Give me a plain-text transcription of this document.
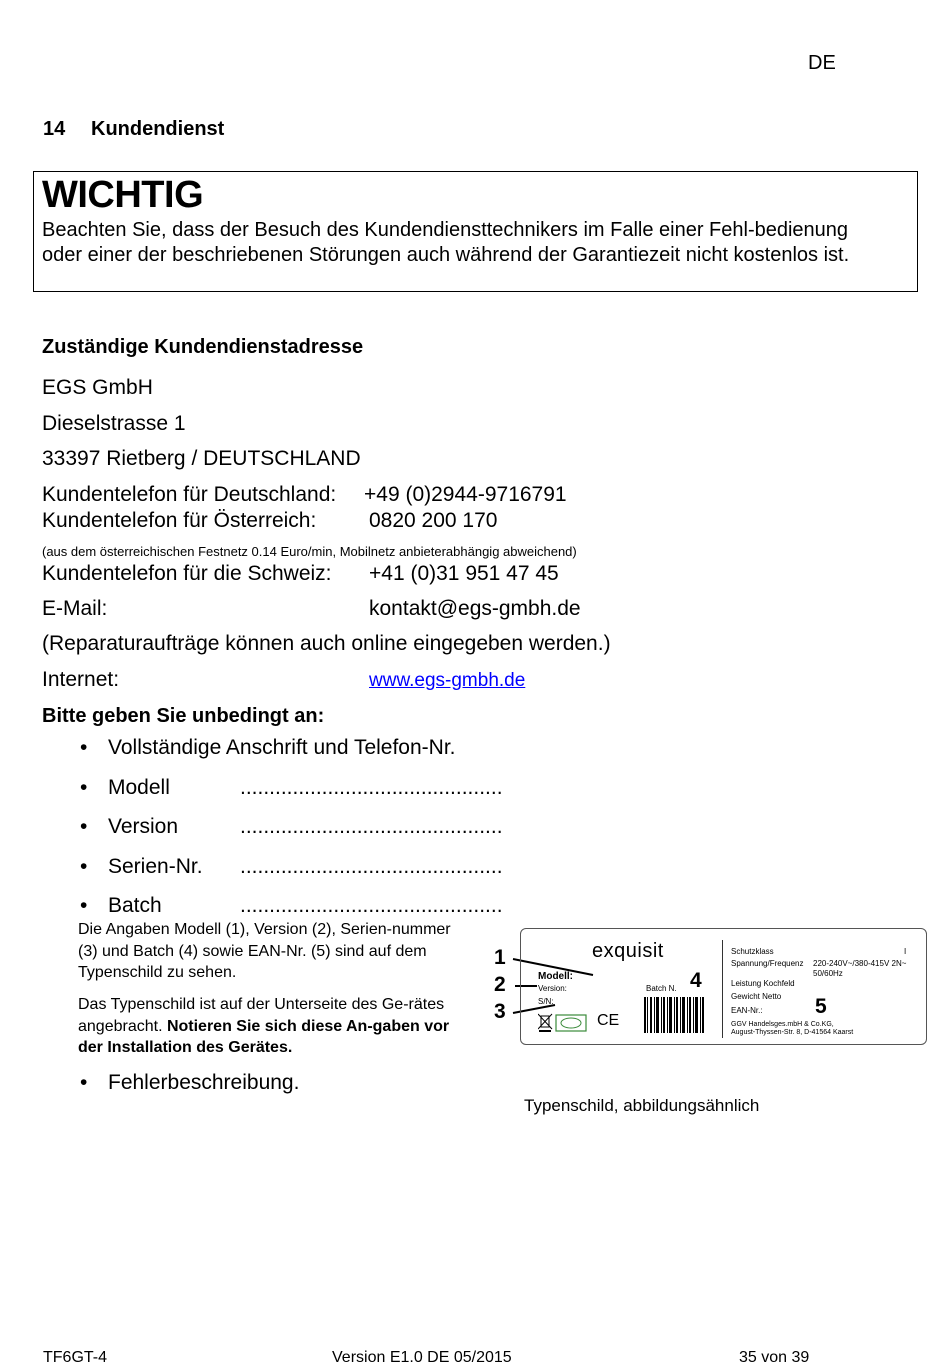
DE
14 Kundendienst
WICHTIG
Beachten Sie, dass der Besuch des Kundendiensttechnikers im Falle einer Fehl-bedienung oder einer der beschriebenen Störungen auch während der Garantiezeit nicht kostenlos ist.
Zuständige Kundendienstadresse
EGS GmbH
Dieselstrasse 1
33397 Rietberg / DEUTSCHLAND
Kundentelefon für Deutschland: +49 (0)2944-9716791
Kundentelefon für Österreich:	0820 200 170
(aus dem österreichischen Festnetz 0.14 Euro/min, Mobilnetz anbieterabhängig abweichend)
Kundentelefon für die Schweiz: +41 (0)31 951 47 45
E-Mail:	kontakt@egs-gmbh.de
(Reparaturaufträge können auch online eingegeben werden.)
Internet:	www.egs-gmbh.de
Bitte geben Sie unbedingt an:
• Vollständige Anschrift und Telefon-Nr.
• Modell	.............................................
• Version	.............................................
• Serien-Nr. .............................................
• Batch	.............................................
Die Angaben Modell (1), Version (2), Serien-nummer (3) und Batch (4) sowie EAN-Nr. (5) sind auf dem Typenschild zu sehen.
Das Typenschild ist auf der Unterseite des Ge-rätes angebracht. Notieren Sie sich diese An-gaben vor der Installation des Gerätes.
• Fehlerbeschreibung.
1
2
3
exquisit
Modell:
Version:
S/N:
Batch N. 4
CE
Schutzklass	I
Spannung/Frequenz 220-240V~/380-415V 2N~ 50/60Hz
Leistung Kochfeld
Gewicht Netto
EAN-Nr.: 5
GGV Handelsges.mbH & Co.KG,
August-Thyssen-Str. 8, D-41564 Kaarst
Typenschild, abbildungsähnlich
TF6GT-4	Version E1.0 DE 05/2015	35 von 39
